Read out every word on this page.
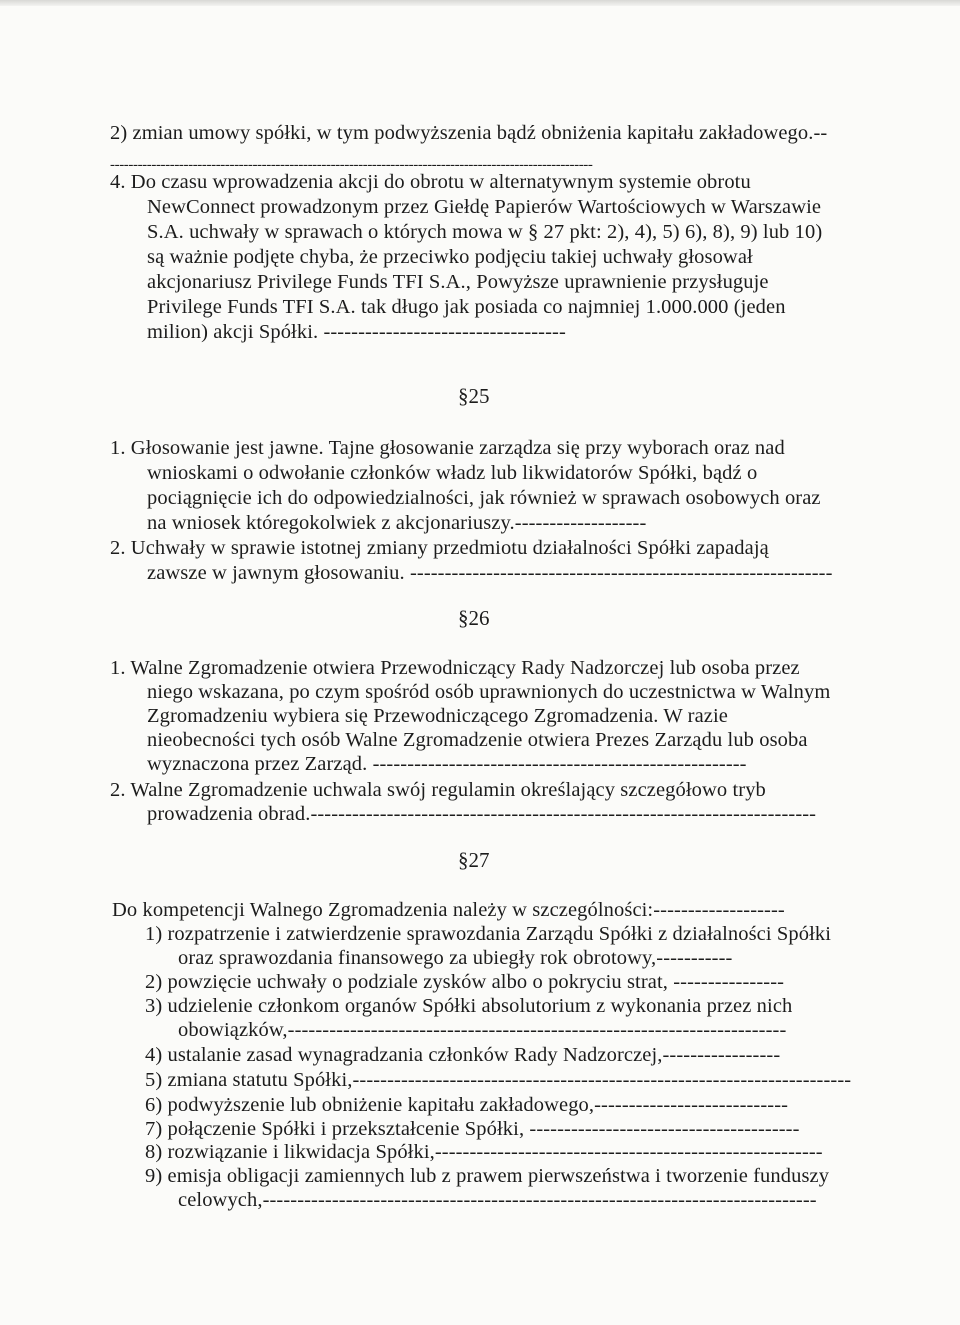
2) zmian umowy spółki, w tym podwyższenia bądź obniżenia kapitału zakładowego.--
---------------------------------------------------------------------------------------------------------
4. Do czasu wprowadzenia akcji do obrotu w alternatywnym systemie obrotu
NewConnect prowadzonym przez Giełdę Papierów Wartościowych w Warszawie
S.A. uchwały w sprawach o których mowa w § 27 pkt: 2), 4), 5) 6), 8), 9) lub 10)
są ważnie podjęte chyba, że przeciwko podjęciu takiej uchwały głosował
akcjonariusz Privilege Funds TFI S.A., Powyższe uprawnienie przysługuje
Privilege Funds TFI S.A. tak długo jak posiada co najmniej 1.000.000 (jeden
milion) akcji Spółki. -----------------------------------
§25
1. Głosowanie jest jawne. Tajne głosowanie zarządza się przy wyborach oraz nad
wnioskami o odwołanie członków władz lub likwidatorów Spółki, bądź o
pociągnięcie ich do odpowiedzialności, jak również w sprawach osobowych oraz
na wniosek któregokolwiek z akcjonariuszy.-------------------
2. Uchwały w sprawie istotnej zmiany przedmiotu działalności Spółki zapadają
zawsze w jawnym głosowaniu. -------------------------------------------------------------
§26
1. Walne Zgromadzenie otwiera Przewodniczący Rady Nadzorczej lub osoba przez
niego wskazana, po czym spośród osób uprawnionych do uczestnictwa w Walnym
Zgromadzeniu wybiera się Przewodniczącego Zgromadzenia. W razie
nieobecności tych osób Walne Zgromadzenie otwiera Prezes Zarządu lub osoba
wyznaczona przez Zarząd. ------------------------------------------------------
2. Walne Zgromadzenie uchwala swój regulamin określający szczegółowo tryb
prowadzenia obrad.-------------------------------------------------------------------------
§27
Do kompetencji Walnego Zgromadzenia należy w szczególności:-------------------
1) rozpatrzenie i zatwierdzenie sprawozdania Zarządu Spółki z działalności Spółki
oraz sprawozdania finansowego za ubiegły rok obrotowy,-----------
2) powzięcie uchwały o podziale zysków albo o pokryciu strat, ----------------
3) udzielenie członkom organów Spółki absolutorium z wykonania przez nich
obowiązków,------------------------------------------------------------------------
4) ustalanie zasad wynagradzania członków Rady Nadzorczej,-----------------
5) zmiana statutu Spółki,------------------------------------------------------------------------
6) podwyższenie lub obniżenie kapitału zakładowego,----------------------------
7) połączenie Spółki i przekształcenie Spółki, ---------------------------------------
8) rozwiązanie i likwidacja Spółki,--------------------------------------------------------
9) emisja obligacji zamiennych lub z prawem pierwszeństwa i tworzenie funduszy
celowych,--------------------------------------------------------------------------------
